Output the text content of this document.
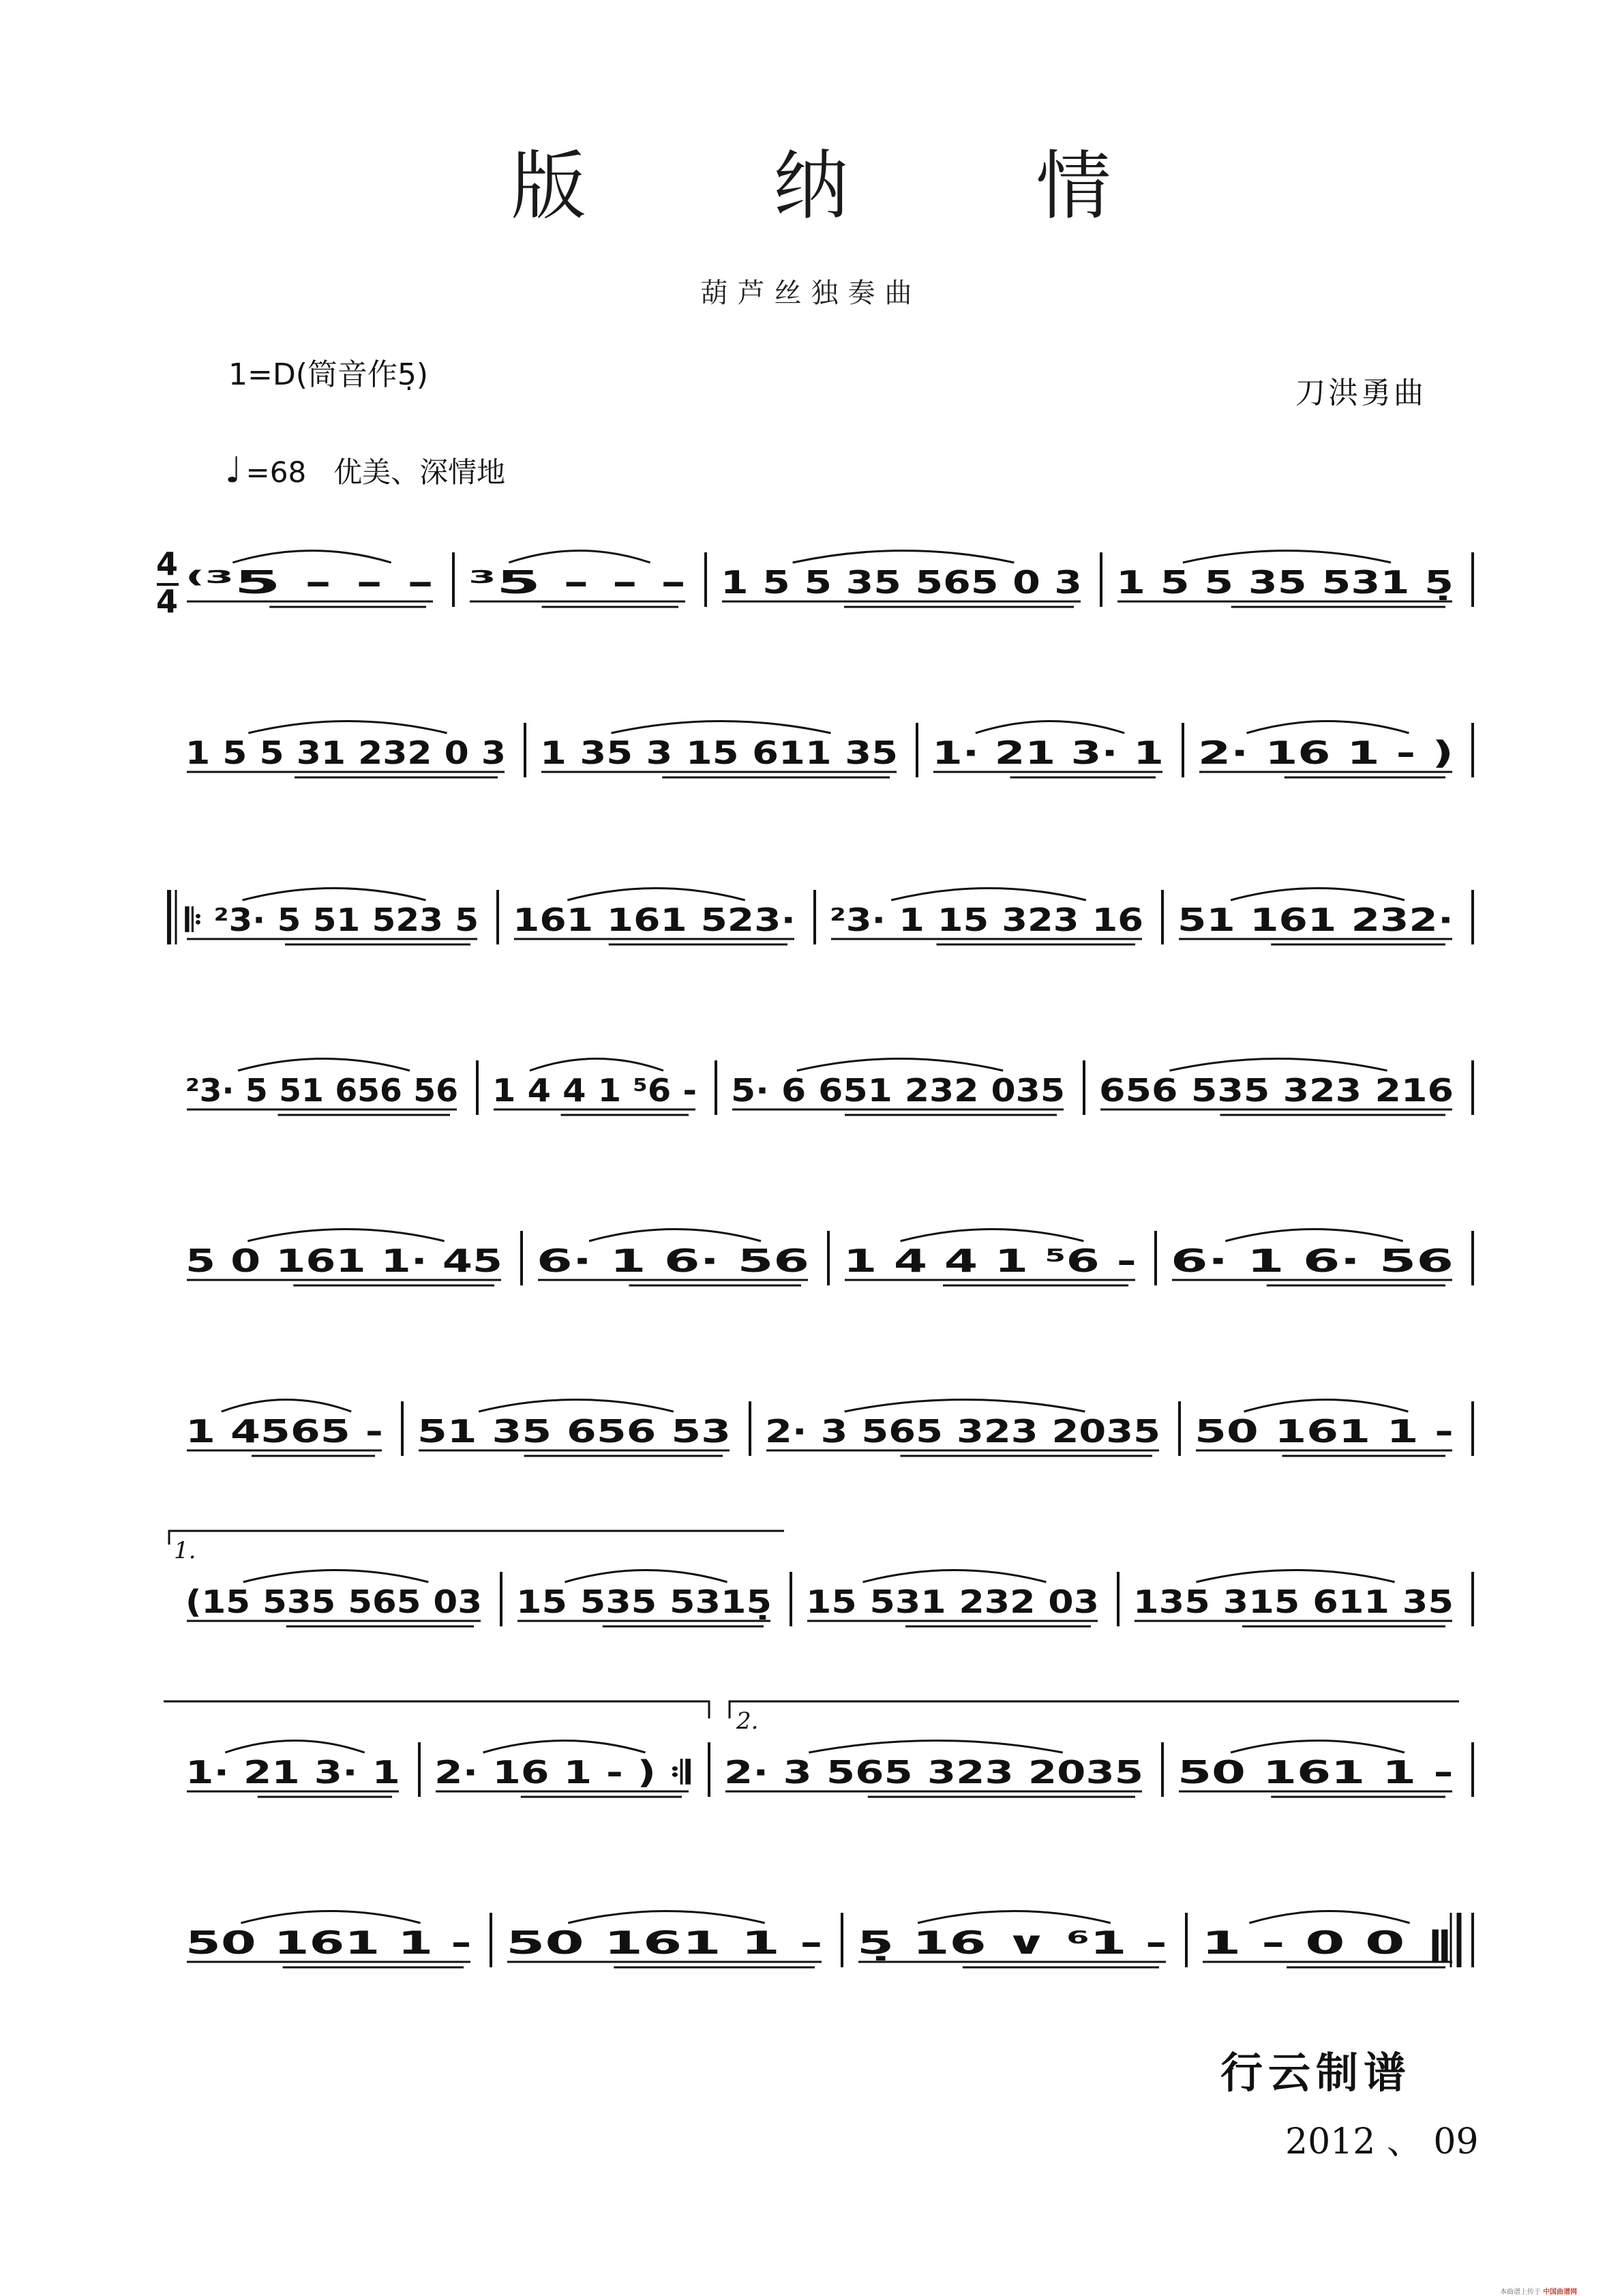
版 纳 情
葫芦丝独奏曲
1=D(筒音作5̣)
刀洪勇曲
♩ =68 优美、深情地
4
4
⁽³5 - - - ³5 - - - 1 5 5 35 565 0 3 1 5 5 35 531 5̣
1 5 5 31 232 0 3 1 35 3 15 611 35 1· 21 3· 1 2· 16 1 - )
𝄆 ²3· 5 51 523 5 161 161 523· ²3· 1 15 323 16 51 161 232·
²3· 5 51 656 56 1 4 4 1 ⁵6 - 5· 6 651 232 035 656 535 323 216
5 0 161 1· 45 6· 1 6· 56 1 4 4 1 ⁵6 - 6· 1 6· 56
1 4565 - 51 35 656 53 2· 3 565 323 2035 50 161 1 -
(15 535 565 03 15 535 5315̣ 15 531 232 03 135 315 611 35
1· 21 3· 1 2· 16 1 - ) 𝄇 2· 3 565 323 2035 50 161 1 -
50 161 1 - 50 161 1 - 5̣ 16 ∨ ⁶1 - 1 - 0 0 ‖
1.
2.
行云制谱
2012 、 09
本曲谱上传于 中国曲谱网
